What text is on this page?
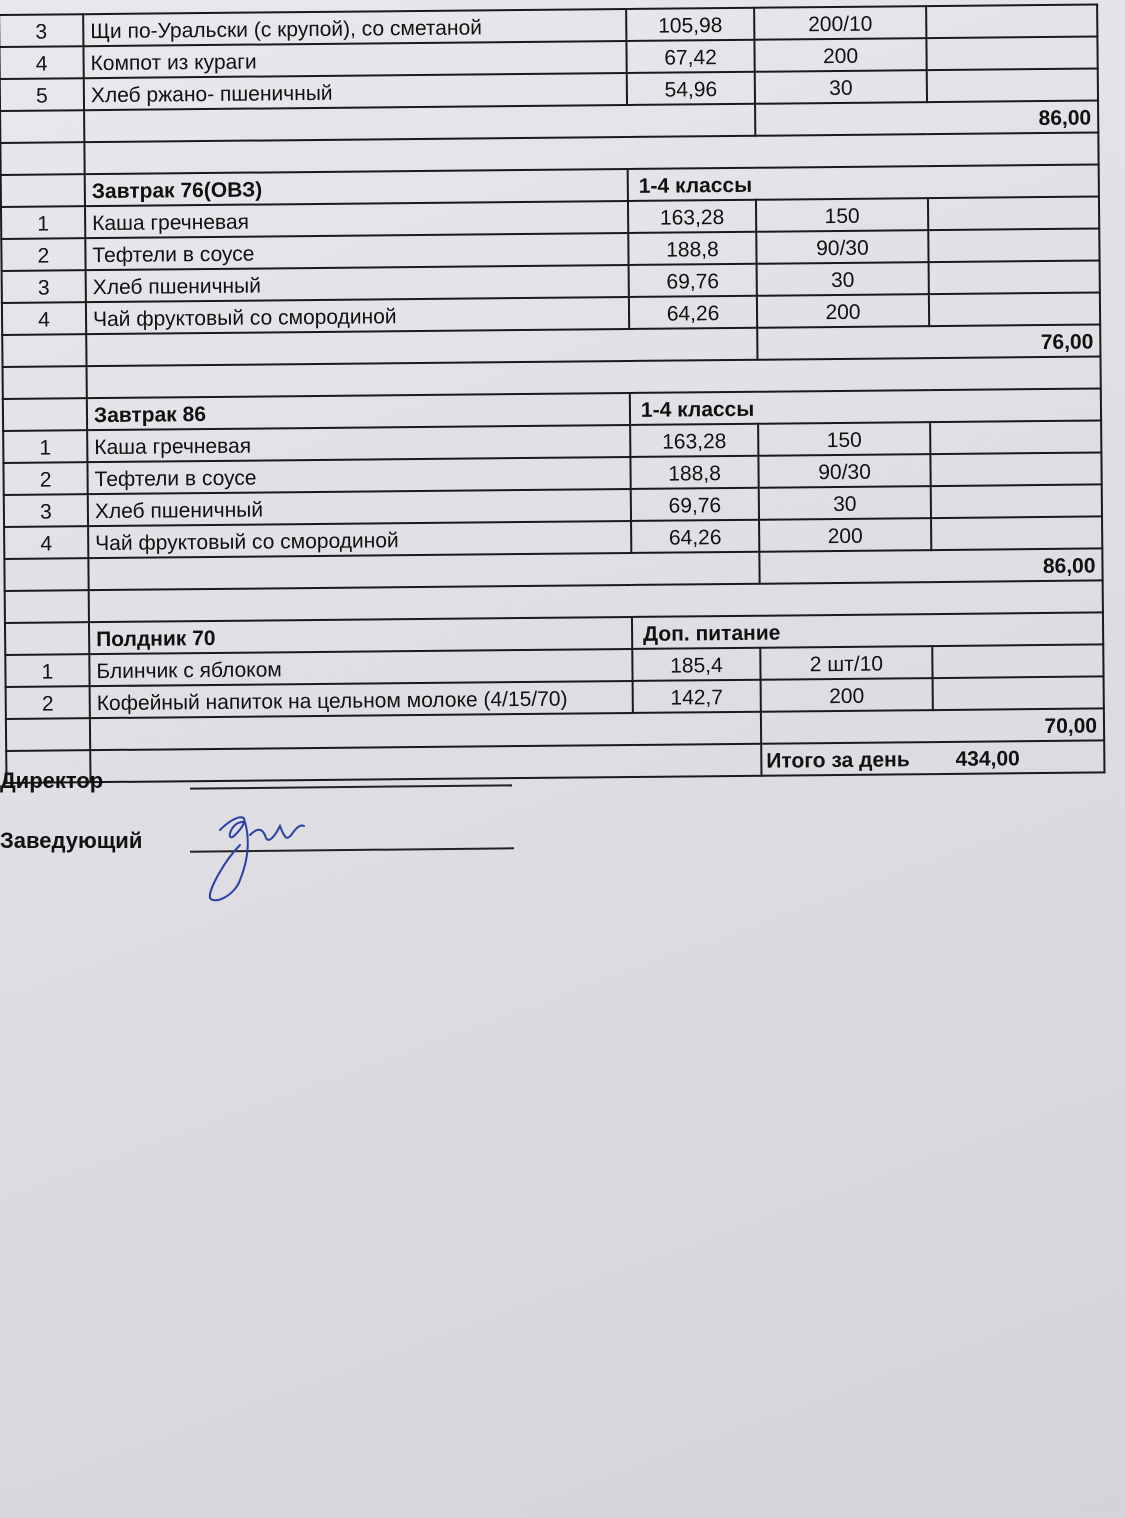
3	Щи по-Уральски (с крупой), со сметаной	105,98	200/10	
4	Компот из кураги	67,42	200	
5	Хлеб ржано- пшеничный	54,96	30	
			86,00	

	Завтрак 76(ОВЗ)	1-4 классы		
1	Каша гречневая	163,28	150	
2	Тефтели в соусе	188,8	90/30	
3	Хлеб пшеничный	69,76	30	
4	Чай фруктовый со смородиной	64,26	200	
			76,00	

	Завтрак 86	1-4 классы		
1	Каша гречневая	163,28	150	
2	Тефтели в соусе	188,8	90/30	
3	Хлеб пшеничный	69,76	30	
4	Чай фруктовый со смородиной	64,26	200	
			86,00	

	Полдник 70	Доп. питание		
1	Блинчик с яблоком	185,4	2 шт/10	
2	Кофейный напиток на цельном молоке (4/15/70)	142,7	200	
			70,00	
			Итого за день 434,00	
Директор
Заведующий
